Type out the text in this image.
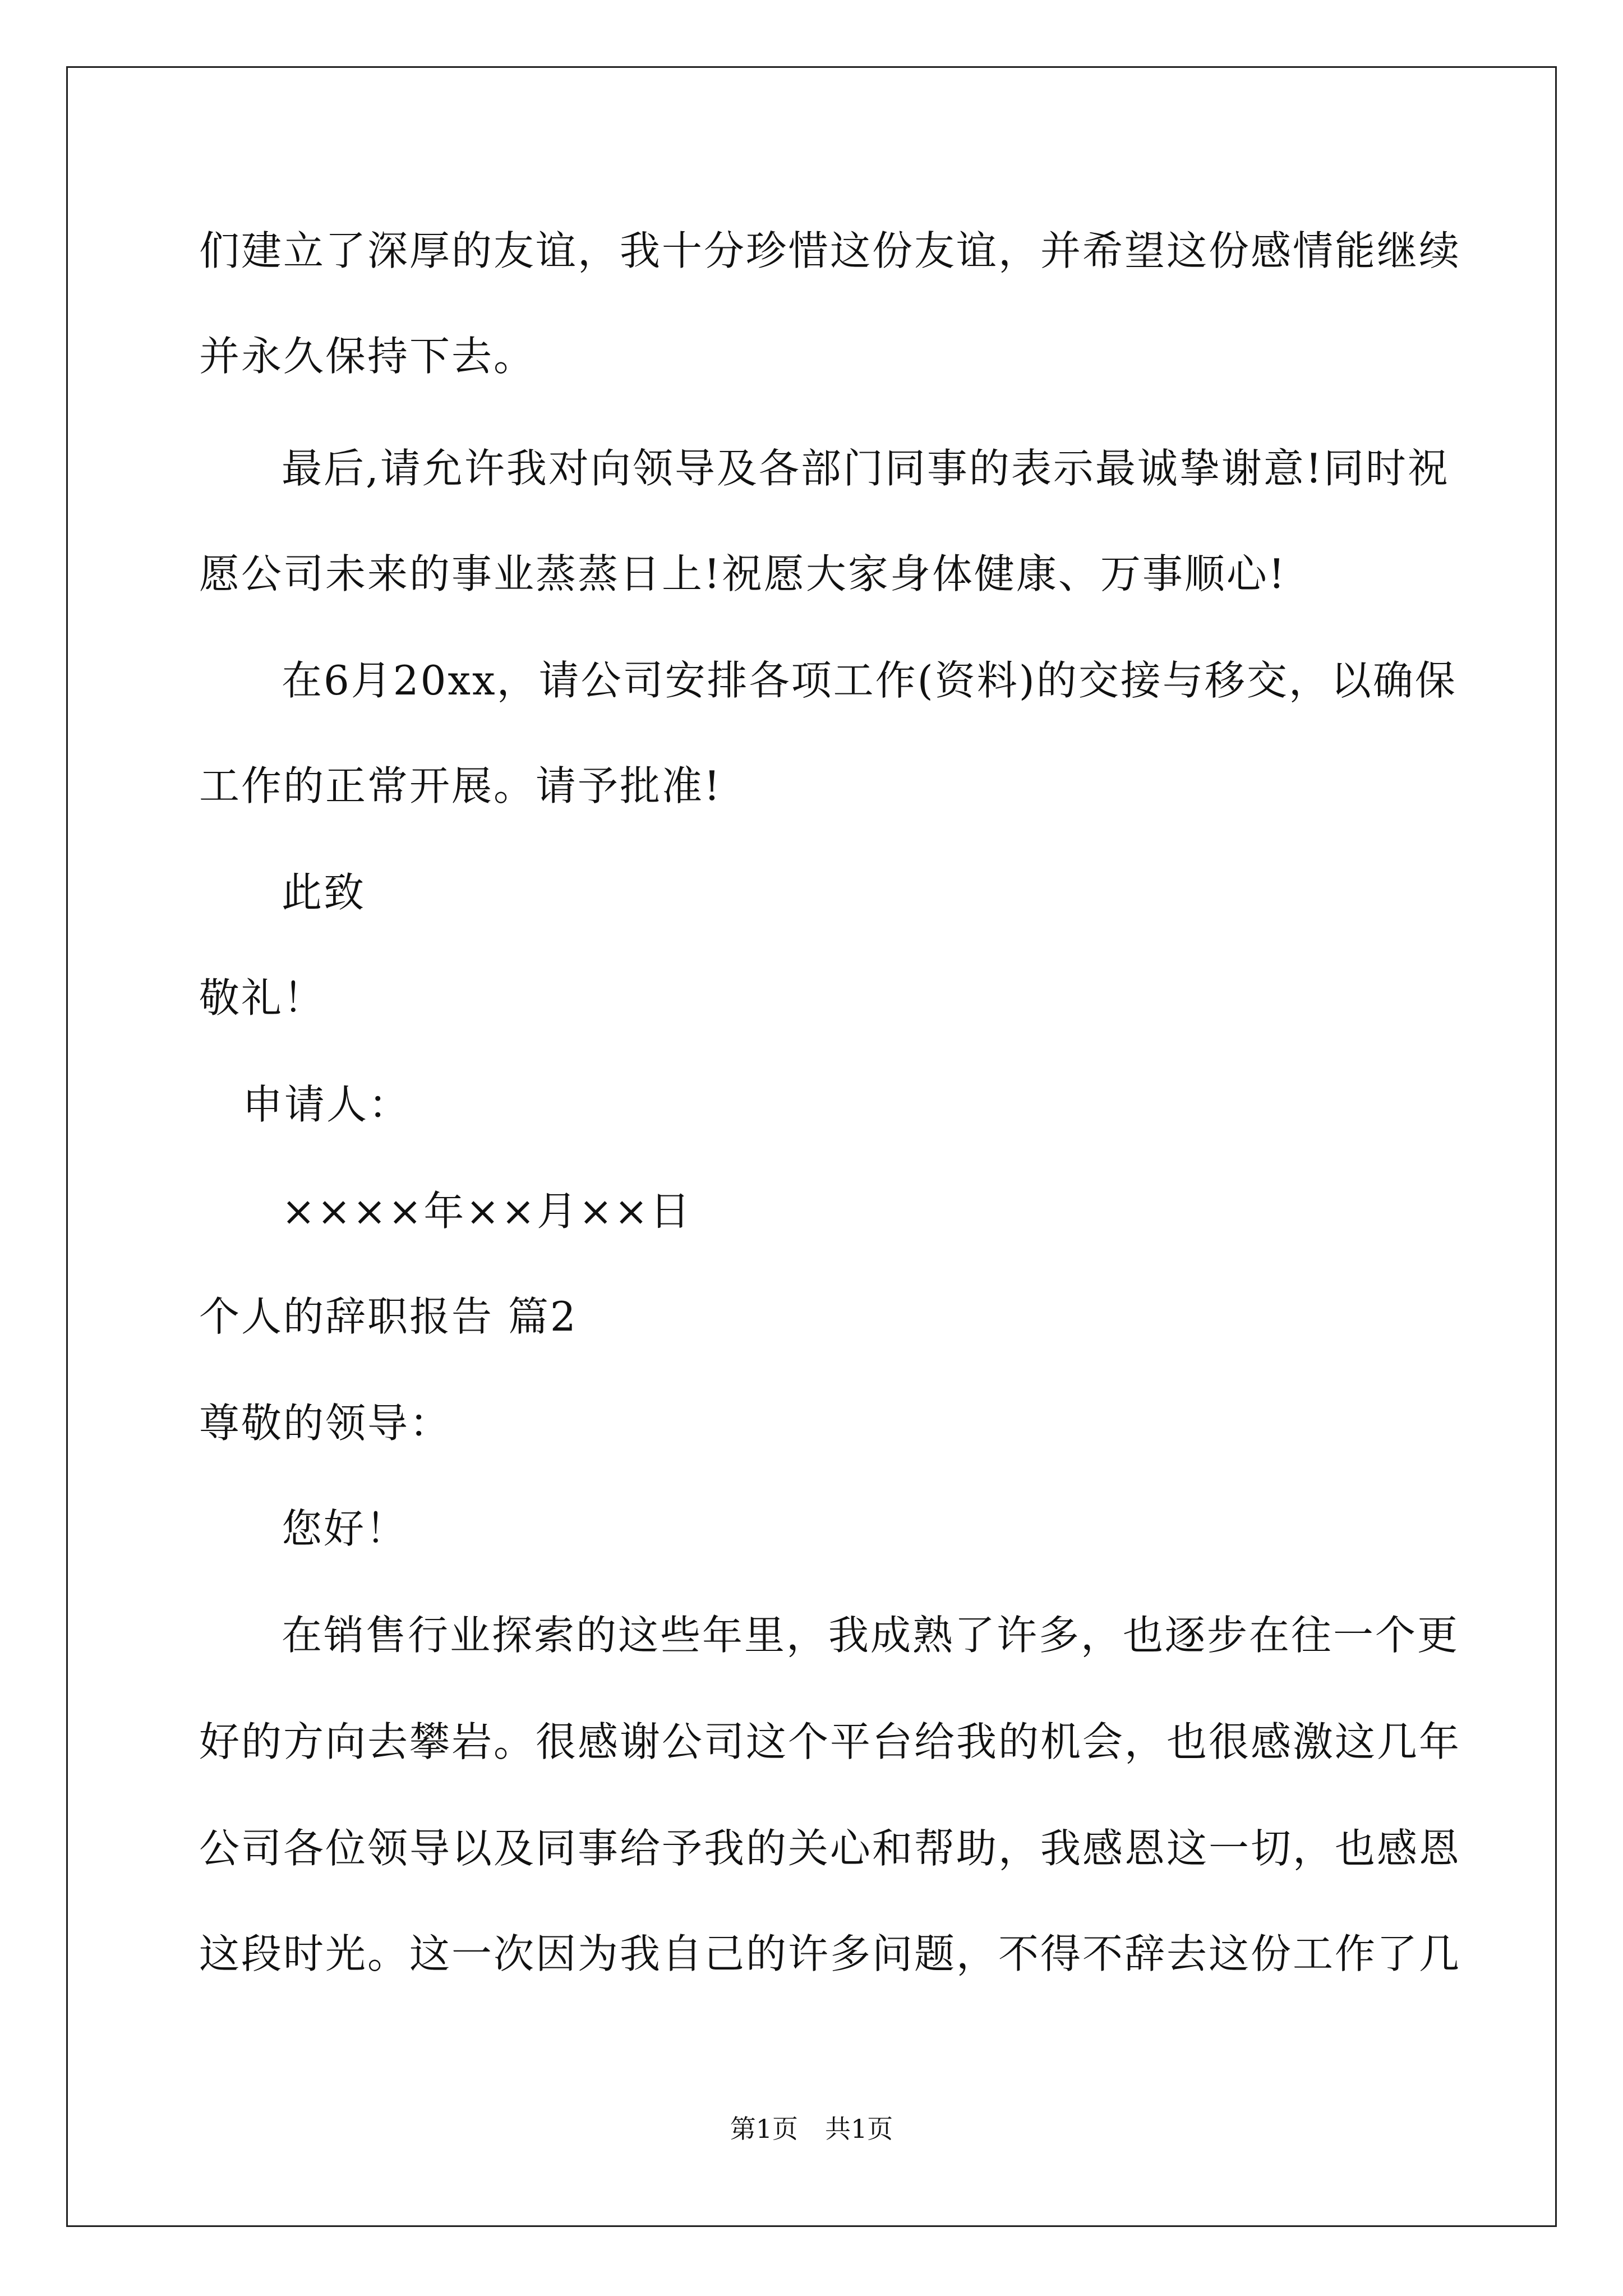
们建立了深厚的友谊，我十分珍惜这份友谊，并希望这份感情能继续
并永久保持下去。
最后,请允许我对向领导及各部门同事的表示最诚挚谢意!同时祝
愿公司未来的事业蒸蒸日上!祝愿大家身体健康、万事顺心!
在6月20xx，请公司安排各项工作(资料)的交接与移交，以确保
工作的正常开展。请予批准!
此致
敬礼！
申请人：
××××年××月××日
个人的辞职报告 篇2
尊敬的领导：
您好！
在销售行业探索的这些年里，我成熟了许多，也逐步在往一个更
好的方向去攀岩。很感谢公司这个平台给我的机会，也很感激这几年
公司各位领导以及同事给予我的关心和帮助，我感恩这一切，也感恩
这段时光。这一次因为我自己的许多问题，不得不辞去这份工作了几
第1页 共1页
